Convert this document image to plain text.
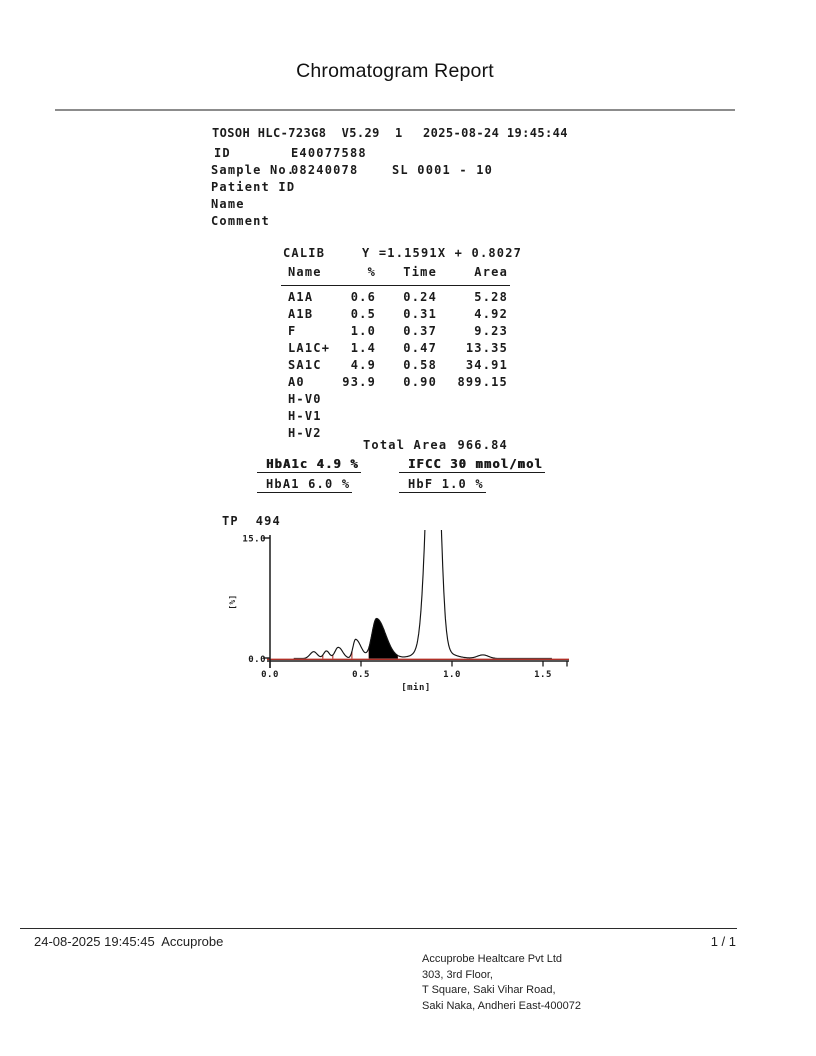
Chromatogram Report
TOSOH HLC-723G8  V5.29  1 2025-08-24 19:45:44
ID	E40077588
Sample No.
08240078	SL 0001 - 10
Patient ID
Name
Comment
CALIB	Y =1.1591X + 0.8027
Name	%	Time	Area
A1A	0.6	0.24	5.28
A1B	0.5	0.31	4.92
F	1.0	0.37	9.23
LA1C+	1.4	0.47	13.35
SA1C	4.9	0.58	34.91
A0	93.9	0.90	899.15
H-V0
H-V1
H-V2
Total Area 966.84
HbA1c 4.9 %	IFCC 30 mmol/mol
HbA1 6.0 %	HbF 1.0 %
TP  494
15.0
0.0
[%]
0.0	0.5	1.0	1.5
[min]
24-08-2025 19:45:45  Accuprobe	1 / 1
Accuprobe Healtcare Pvt Ltd
303, 3rd Floor,
T Square, Saki Vihar Road,
Saki Naka, Andheri East-400072
